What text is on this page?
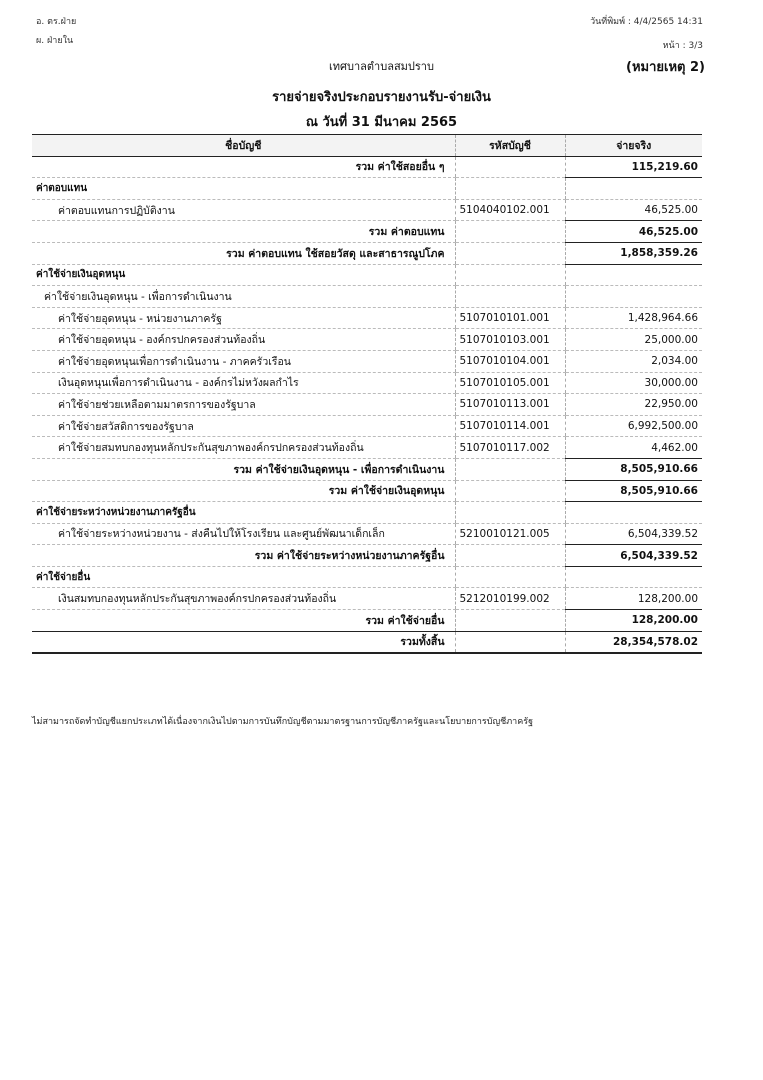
อ. ตร.ฝ่าย
ผ. ฝ่ายใน
วันที่พิมพ์ : 4/4/2565 14:31
หน้า : 3/3
เทศบาลตำบลสมปราบ	(หมายเหตุ 2)
รายจ่ายจริงประกอบรายงานรับ-จ่ายเงิน
ณ วันที่ 31 มีนาคม 2565
ชื่อบัญชี	รหัสบัญชี	จ่ายจริง
รวม ค่าใช้สอยอื่น ๆ		115,219.60
ค่าตอบแทน		
ค่าตอบแทนการปฏิบัติงาน	5104040102.001	46,525.00
รวม ค่าตอบแทน		46,525.00
รวม ค่าตอบแทน ใช้สอยวัสดุ และสาธารณูปโภค		1,858,359.26
ค่าใช้จ่ายเงินอุดหนุน		
ค่าใช้จ่ายเงินอุดหนุน - เพื่อการดำเนินงาน		
ค่าใช้จ่ายอุดหนุน - หน่วยงานภาครัฐ	5107010101.001	1,428,964.66
ค่าใช้จ่ายอุดหนุน - องค์กรปกครองส่วนท้องถิ่น	5107010103.001	25,000.00
ค่าใช้จ่ายอุดหนุนเพื่อการดำเนินงาน - ภาคครัวเรือน	5107010104.001	2,034.00
เงินอุดหนุนเพื่อการดำเนินงาน - องค์กรไม่หวังผลกำไร	5107010105.001	30,000.00
ค่าใช้จ่ายช่วยเหลือตามมาตรการของรัฐบาล	5107010113.001	22,950.00
ค่าใช้จ่ายสวัสดิการของรัฐบาล	5107010114.001	6,992,500.00
ค่าใช้จ่ายสมทบกองทุนหลักประกันสุขภาพองค์กรปกครองส่วนท้องถิ่น	5107010117.002	4,462.00
รวม ค่าใช้จ่ายเงินอุดหนุน - เพื่อการดำเนินงาน		8,505,910.66
รวม ค่าใช้จ่ายเงินอุดหนุน		8,505,910.66
ค่าใช้จ่ายระหว่างหน่วยงานภาครัฐอื่น		
ค่าใช้จ่ายระหว่างหน่วยงาน - ส่งคืนไปให้โรงเรียน และศูนย์พัฒนาเด็กเล็ก	5210010121.005	6,504,339.52
รวม ค่าใช้จ่ายระหว่างหน่วยงานภาครัฐอื่น		6,504,339.52
ค่าใช้จ่ายอื่น		
เงินสมทบกองทุนหลักประกันสุขภาพองค์กรปกครองส่วนท้องถิ่น	5212010199.002	128,200.00
รวม ค่าใช้จ่ายอื่น		128,200.00
รวมทั้งสิ้น		28,354,578.02
ไม่สามารถจัดทำบัญชีแยกประเภทได้เนื่องจากเงินไปตามการบันทึกบัญชีตามมาตรฐานการบัญชีภาครัฐและนโยบายการบัญชีภาครัฐ
